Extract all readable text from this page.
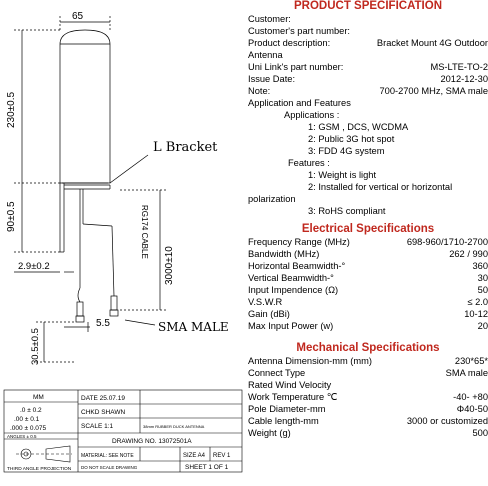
65
L Bracket
RG174 CABLE
SMA MALE
230±0.5
90±0.5
2.9±0.2	3000±10
5.5
30.5±0.5
MM
.0 ± 0.2
.00 ± 0.1
.000 ± 0.075
ANGLES ± 0.5
THIRD ANGLE PROJECTION
DATE 25.07.19
CHKD SHAWN
SCALE 1:1	38mm RUBBER DUCK ANTENNA
DRAWING NO. 13072501A
MATERIAL: SEE NOTE	SIZE A4 REV 1
DO NOT SCALE DRAWING	SHEET 1 OF 1
PRODUCT SPECIFICATION
Customer:
Customer's part number:
Product description:	Bracket Mount 4G Outdoor
Antenna
Uni Link's part number:	MS-LTE-TO-2
Issue Date:	2012-12-30
Note:	700-2700 MHz, SMA male
Application and Features
Applications :
1: GSM , DCS, WCDMA
2: Public 3G hot spot
3: FDD 4G system
Features :
1: Weight is light
2: Installed for vertical or horizontal
polarization
3: RoHS compliant
Electrical Specifications
Frequency Range (MHz)	698-960/1710-2700
Bandwidth (MHz)	262 / 990
Horizontal Beamwidth-°	360
Vertical Beamwidth-°	30
Input Impendence (Ω)	50
V.S.W.R	≤ 2.0
Gain (dBi)	10-12
Max Input Power (w)	20
Mechanical Specifications
Antenna Dimension-mm (mm)	230*65*
Connect Type	SMA male
Rated Wind Velocity
Work Temperature ℃	-40- +80
Pole Diameter-mm	Φ40-50
Cable length-mm	3000 or customized
Weight (g)	500
